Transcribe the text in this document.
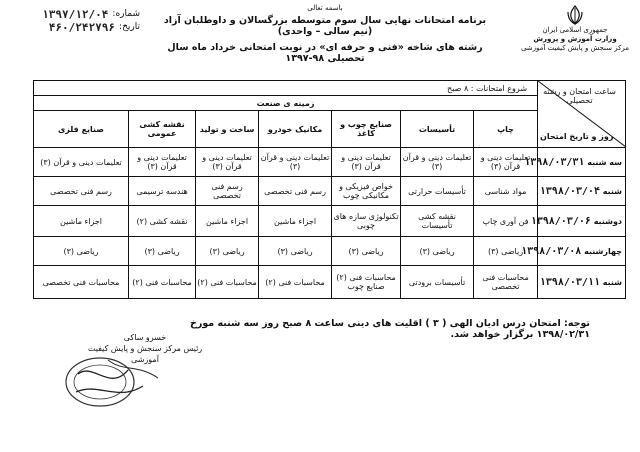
شماره:
۱۳۹۷/۱۲/۰۴
تاریخ:
۴۶۰/۲۴۲۷۹۶
باسمه تعالی
برنامه امتحانات نهایی سال سوم متوسطه بزرگسالان و داوطلبان آزاد (نیم سالی – واحدی)
رشته های شاخه «فنی و حرفه ای» در نوبت امتحانی خرداد ماه سال تحصیلی ۹۸-۱۳۹۷
جمهوری اسلامی ایران
وزارت آموزش و پرورش
مرکز سنجش و پایش کیفیت آموزشی
ساعت امتحان و رشته تحصیلی
روز و تاریخ امتحان	شروع امتحانات : ۸ صبح						
	زمینه ی صنعت						
	چاپ	تأسیسات	صنایع چوب و کاغذ	مکانیک خودرو	ساخت و تولید	نقشه کشی عمومی	صنایع فلزی
سه شنبه ۱۳۹۸/۰۳/۳۱	تعلیمات دینی و قرآن (۳)	تعلیمات دینی و قرآن (۳)	تعلیمات دینی و قرآن (۳)	تعلیمات دینی و قرآن (۳)	تعلیمات دینی و قرآن (۳)	تعلیمات دینی و قرآن (۳)	تعلیمات دینی و قرآن (۳)
شنبه ۱۳۹۸/۰۳/۰۴	مواد شناسی	تأسیسات حرارتی	خواص فیزیکی و مکانیکی چوب	رسم فنی تخصصی	رسم فنی تخصصی	هندسه ترسیمی	رسم فنی تخصصی
دوشنبه ۱۳۹۸/۰۳/۰۶	فن آوری چاپ	نقشه کشی تأسیسات	تکنولوژی سازه های چوبی	اجزاء ماشین	اجزاء ماشین	نقشه کشی (۲)	اجزاء ماشین
چهارشنبه ۱۳۹۸/۰۳/۰۸	ریاضی (۳)	ریاضی (۳)	ریاضی (۳)	ریاضی (۳)	ریاضی (۳)	ریاضی (۳)	ریاضی (۳)
شنبه ۱۳۹۸/۰۳/۱۱	محاسبات فنی تخصصی	تأسیسات برودتی	محاسبات فنی (۲) صنایع چوب	محاسبات فنی (۲)	محاسبات فنی (۲)	محاسبات فنی (۲)	محاسبات فنی تخصصی
توجه: امتحان درس ادیان الهی ( ۳ ) اقلیت های دینی ساعت ۸ صبح روز سه شنبه مورخ ۱۳۹۸/۰۲/۳۱ برگزار خواهد شد.
خسرو ساکی
رئیس مرکز سنجش و پایش کیفیت آموزشی
